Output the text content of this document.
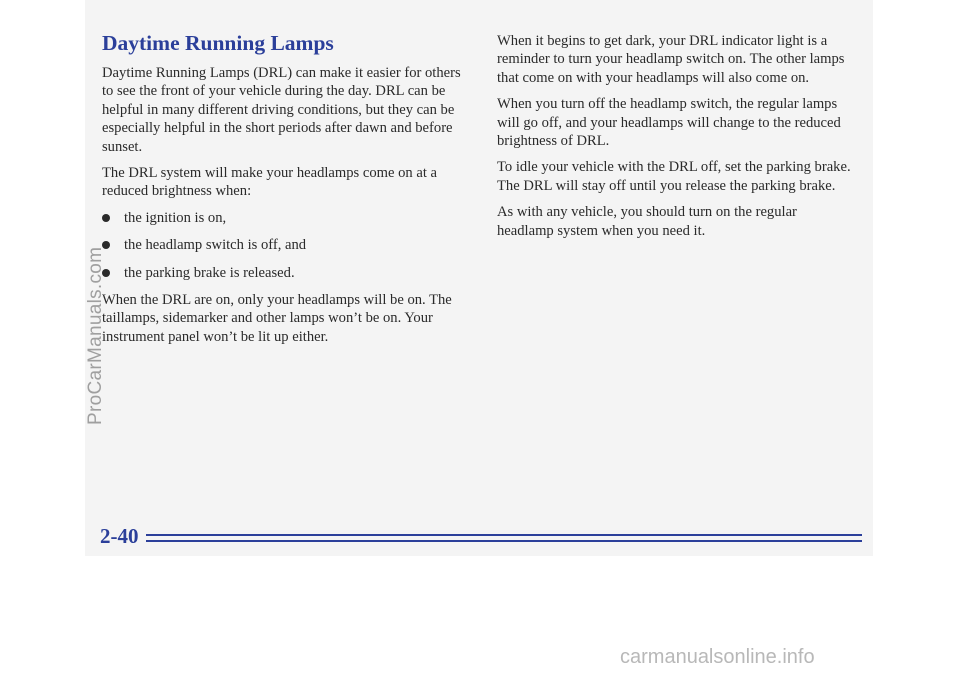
Daytime Running Lamps

Daytime Running Lamps (DRL) can make it easier for others to see the front of your vehicle during the day. DRL can be helpful in many different driving conditions, but they can be especially helpful in the short periods after dawn and before sunset.

The DRL system will make your headlamps come on at a reduced brightness when:

the ignition is on,
the headlamp switch is off, and
the parking brake is released.

When the DRL are on, only your headlamps will be on. The taillamps, sidemarker and other lamps won’t be on. Your instrument panel won’t be lit up either.

When it begins to get dark, your DRL indicator light is a reminder to turn your headlamp switch on. The other lamps that come on with your headlamps will also come on.

When you turn off the headlamp switch, the regular lamps will go off, and your headlamps will change to the reduced brightness of DRL.

To idle your vehicle with the DRL off, set the parking brake. The DRL will stay off until you release the parking brake.

As with any vehicle, you should turn on the regular headlamp system when you need it.

2-40
ProCarManuals.com
carmanualsonline.info
